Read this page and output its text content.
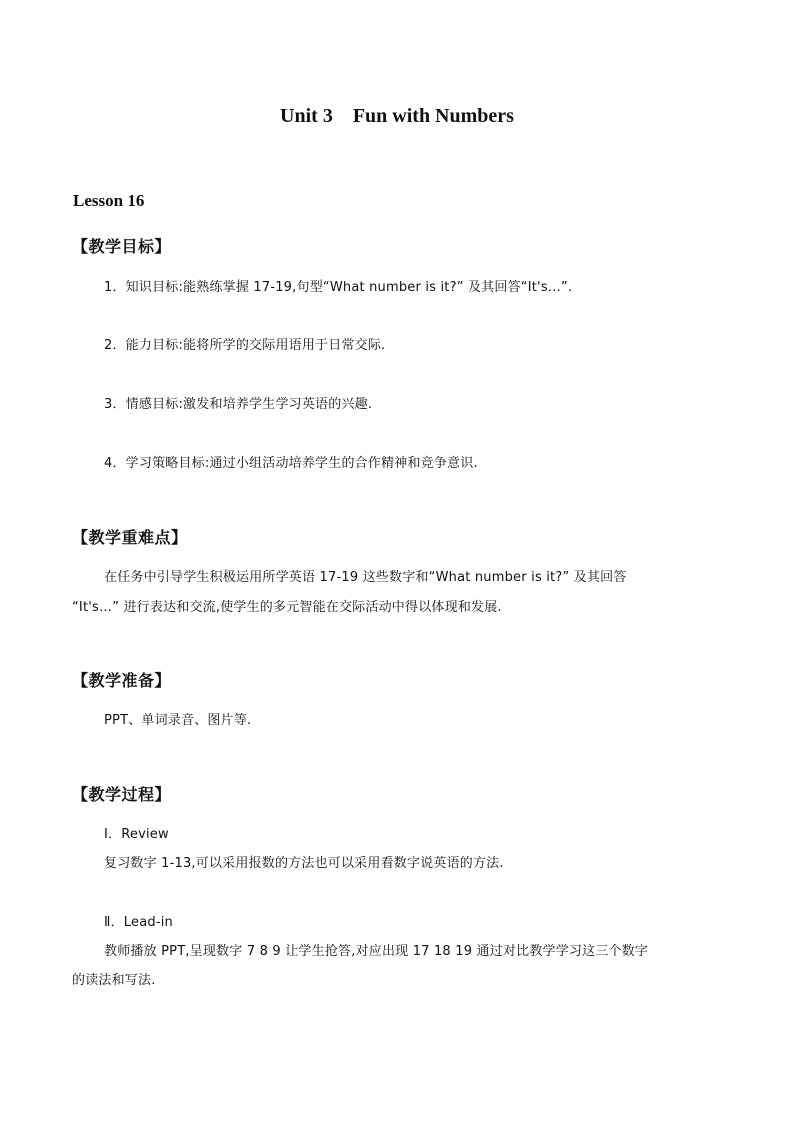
Unit 3    Fun with Numbers
Lesson 16
【教学目标】
1．知识目标:能熟练掌握 17-19,句型“What number is it?” 及其回答“It's…”.
2．能力目标:能将所学的交际用语用于日常交际.
3．情感目标:激发和培养学生学习英语的兴趣.
4．学习策略目标:通过小组活动培养学生的合作精神和竞争意识.
【教学重难点】
在任务中引导学生积极运用所学英语 17-19 这些数字和“What number is it?” 及其回答
“It's…” 进行表达和交流,使学生的多元智能在交际活动中得以体现和发展.
【教学准备】
PPT、单词录音、图片等.
【教学过程】
Ⅰ．Review
复习数字 1-13,可以采用报数的方法也可以采用看数字说英语的方法.
Ⅱ．Lead-in
教师播放 PPT,呈现数字 7 8 9 让学生抢答,对应出现 17 18 19 通过对比教学学习这三个数字
的读法和写法.
